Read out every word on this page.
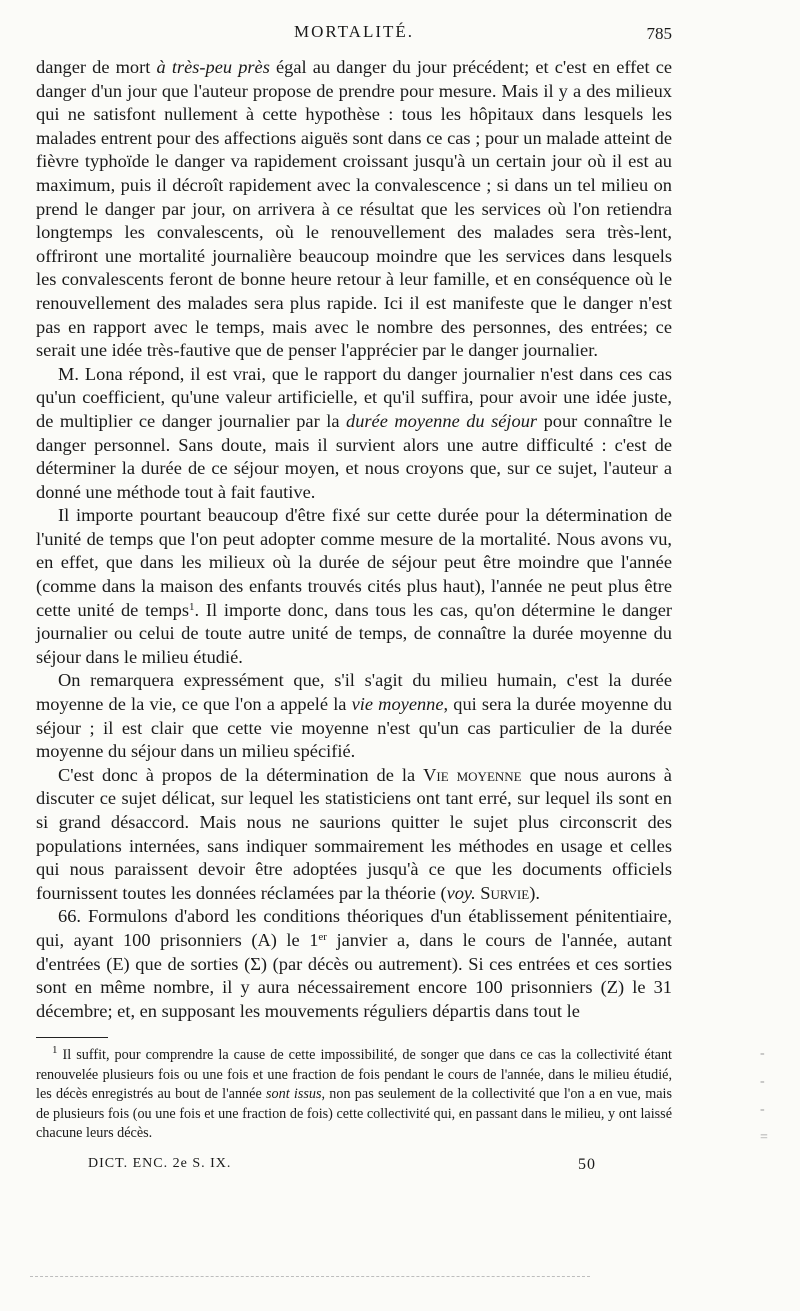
MORTALITÉ.	785

danger de mort à très-peu près égal au danger du jour précédent; et c'est en effet ce danger d'un jour que l'auteur propose de prendre pour mesure. Mais il y a des milieux qui ne satisfont nullement à cette hypothèse : tous les hôpitaux dans lesquels les malades entrent pour des affections aiguës sont dans ce cas ; pour un malade atteint de fièvre typhoïde le danger va rapidement croissant jusqu'à un certain jour où il est au maximum, puis il décroît rapidement avec la convalescence ; si dans un tel milieu on prend le danger par jour, on arrivera à ce résultat que les services où l'on retiendra longtemps les convalescents, où le renouvellement des malades sera très-lent, offriront une mortalité journalière beaucoup moindre que les services dans lesquels les convalescents feront de bonne heure retour à leur famille, et en conséquence où le renouvellement des malades sera plus rapide. Ici il est manifeste que le danger n'est pas en rapport avec le temps, mais avec le nombre des personnes, des entrées; ce serait une idée très-fautive que de penser l'apprécier par le danger journalier.

M. Lona répond, il est vrai, que le rapport du danger journalier n'est dans ces cas qu'un coefficient, qu'une valeur artificielle, et qu'il suffira, pour avoir une idée juste, de multiplier ce danger journalier par la durée moyenne du séjour pour connaître le danger personnel. Sans doute, mais il survient alors une autre difficulté : c'est de déterminer la durée de ce séjour moyen, et nous croyons que, sur ce sujet, l'auteur a donné une méthode tout à fait fautive.

Il importe pourtant beaucoup d'être fixé sur cette durée pour la détermination de l'unité de temps que l'on peut adopter comme mesure de la mortalité. Nous avons vu, en effet, que dans les milieux où la durée de séjour peut être moindre que l'année (comme dans la maison des enfants trouvés cités plus haut), l'année ne peut plus être cette unité de temps$^1$. Il importe donc, dans tous les cas, qu'on détermine le danger journalier ou celui de toute autre unité de temps, de connaître la durée moyenne du séjour dans le milieu étudié.

On remarquera expressément que, s'il s'agit du milieu humain, c'est la durée moyenne de la vie, ce que l'on a appelé la vie moyenne, qui sera la durée moyenne du séjour ; il est clair que cette vie moyenne n'est qu'un cas particulier de la durée moyenne du séjour dans un milieu spécifié.

C'est donc à propos de la détermination de la Vie moyenne que nous aurons à discuter ce sujet délicat, sur lequel les statisticiens ont tant erré, sur lequel ils sont en si grand désaccord. Mais nous ne saurions quitter le sujet plus circonscrit des populations internées, sans indiquer sommairement les méthodes en usage et celles qui nous paraissent devoir être adoptées jusqu'à ce que les documents officiels fournissent toutes les données réclamées par la théorie (voy. Survie).

66. Formulons d'abord les conditions théoriques d'un établissement pénitentiaire, qui, ayant 100 prisonniers (A) le 1er janvier a, dans le cours de l'année, autant d'entrées (E) que de sorties (Σ) (par décès ou autrement). Si ces entrées et ces sorties sont en même nombre, il y aura nécessairement encore 100 prisonniers (Z) le 31 décembre; et, en supposant les mouvements réguliers départis dans tout le

$^1$ Il suffit, pour comprendre la cause de cette impossibilité, de songer que dans ce cas la collectivité étant renouvelée plusieurs fois ou une fois et une fraction de fois pendant le cours de l'année, dans le milieu étudié, les décès enregistrés au bout de l'année sont issus, non pas seulement de la collectivité que l'on a en vue, mais de plusieurs fois (ou une fois et une fraction de fois) cette collectivité qui, en passant dans le milieu, y ont laissé chacune leurs décès.
DICT. ENC. 2e S. IX.	50
-
-
-
=
